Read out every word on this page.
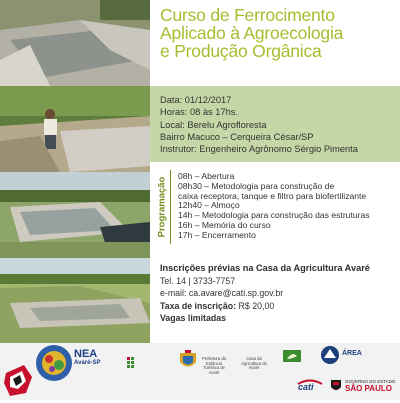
Curso de Ferrocimento
Aplicado à Agroecologia
e Produção Orgânica
Data: 01/12/2017
Horas: 08 às 17hs.
Local: Berelu Agrofloresta
Bairro Macuco – Cerqueira César/SP
Instrutor: Engenheiro Agrônomo Sérgio Pimenta
Programação
08h – Abertura
08h30 – Metodologia para construção de
caixa receptora, tanque e filtro para biofertilizante
12h40 – Almoço
14h – Metodologia para construção das estruturas
16h – Memória do curso
17h – Encerramento
Inscrições prévias na Casa da Agricultura Avaré
Tel. 14 | 3733-7757
e-mail: ca.avare@cati.sp.gov.br
Taxa de inscrição: R$ 20,00
Vagas limitadas
NEA
Avaré-SP
Prefeitura da Estância Turística de Avaré
Casa da Agricultura de Avaré
ÁREA
cati
GOVERNO DO ESTADO
SÃO PAULO
